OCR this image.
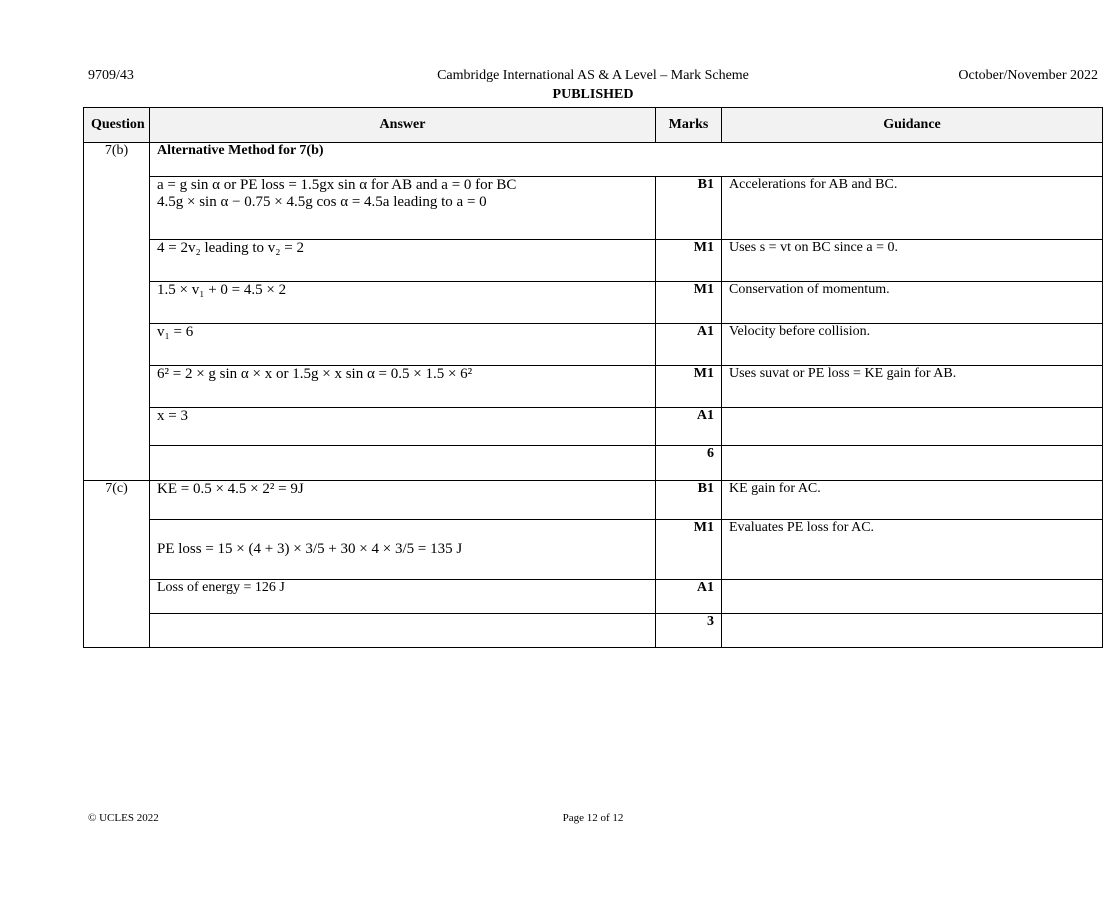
9709/43	Cambridge International AS & A Level – Mark Scheme	October/November 2022
PUBLISHED
Question	Answer	Marks	Guidance
7(b)	Alternative Method for 7(b)		

	a = g sin α or PE loss = 1.5gx sin α for AB and a = 0 for BC
4.5g × sin α − 0.75 × 4.5g cos α = 4.5a leading to a = 0	B1	Accelerations for AB and BC.
	4 = 2v₂ leading to v₂ = 2	M1	Uses s = vt on BC since a = 0.
	1.5 × v₁ + 0 = 4.5 × 2	M1	Conservation of momentum.
	v₁ = 6	A1	Velocity before collision.
	6² = 2 × g sin α × x or 1.5g × x sin α = 0.5 × 1.5 × 6²	M1	Uses suvat or PE loss = KE gain for AB.
	x = 3	A1	
		6	
7(c)	KE = 0.5 × 4.5 × 2² = 9J	B1	KE gain for AC.
	PE loss = 15 × (4 + 3) × 3/5 + 30 × 4 × 3/5 = 135 J	M1	Evaluates PE loss for AC.
	Loss of energy = 126 J	A1	
		3	
© UCLES 2022	Page 12 of 12
